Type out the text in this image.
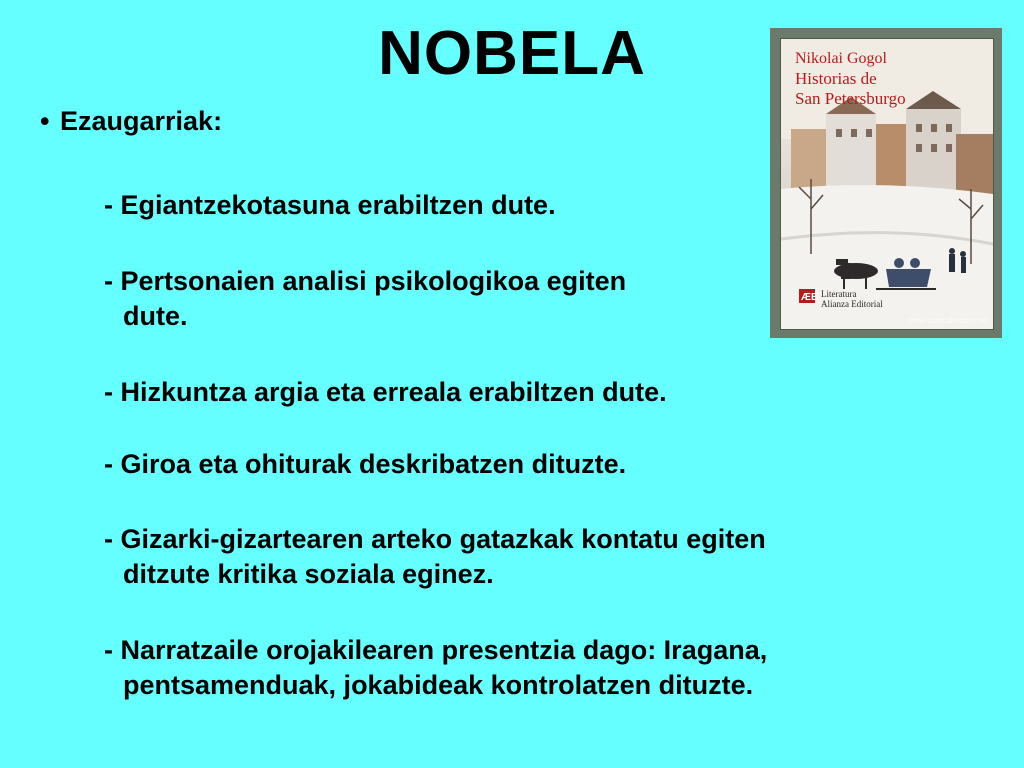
NOBELA
• Ezaugarriak:
- Egiantzekotasuna erabiltzen dute.
- Pertsonaien analisi psikologikoa egiten
dute.
- Hizkuntza argia eta erreala erabiltzen dute.
- Giroa eta ohiturak deskribatzen dituzte.
- Gizarki-gizartearen arteko gatazkak kontatu egiten
ditzute kritika soziala eginez.
- Narratzaile orojakilearen presentzia dago: Iragana,
pentsamenduak, jokabideak kontrolatzen dituzte.
ÆE
Nikolai Gogol
Historias de
San Petersburgo
Literatura
Alianza Editorial
www.todocoleccion.net
